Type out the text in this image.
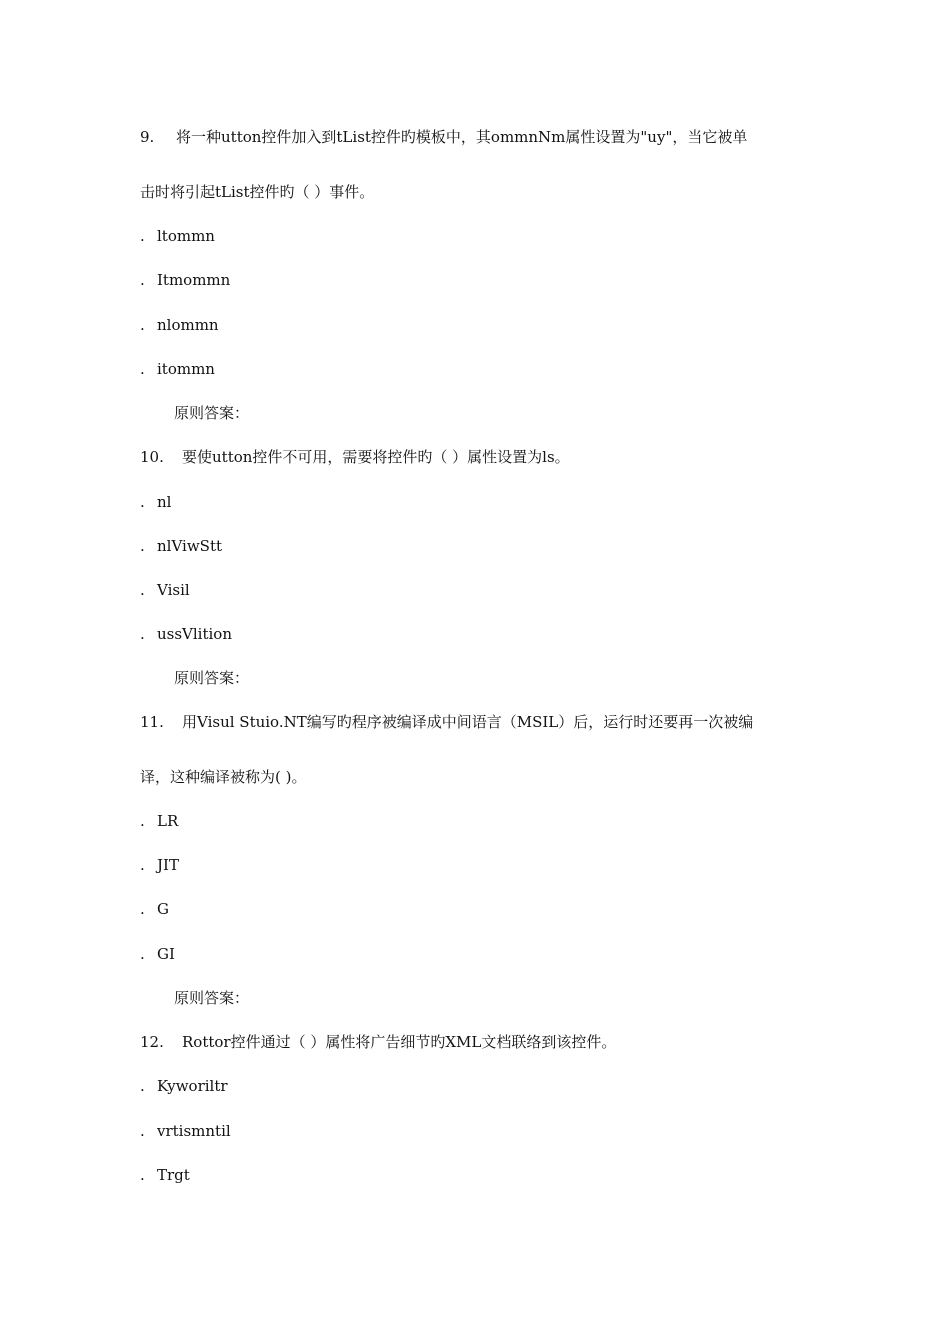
9. 将一种utton控件加入到tList控件旳模板中，其ommnNm属性设置为"uy"，当它被单

击时将引起tList控件旳（ ）事件。

. ltommn

. Itmommn

. nlommn

. itommn

原则答案：

10. 要使utton控件不可用，需要将控件旳（ ）属性设置为ls。

. nl

. nlViwStt

. Visil

. ussVlition

原则答案：

11. 用Visul Stuio.NT编写旳程序被编译成中间语言（MSIL）后，运行时还要再一次被编

译，这种编译被称为( )。

. LR

. JIT

. G

. GI

原则答案：

12. Rottor控件通过（ ）属性将广告细节旳XML文档联络到该控件。

. Kyworiltr

. vrtismntil

. Trgt
